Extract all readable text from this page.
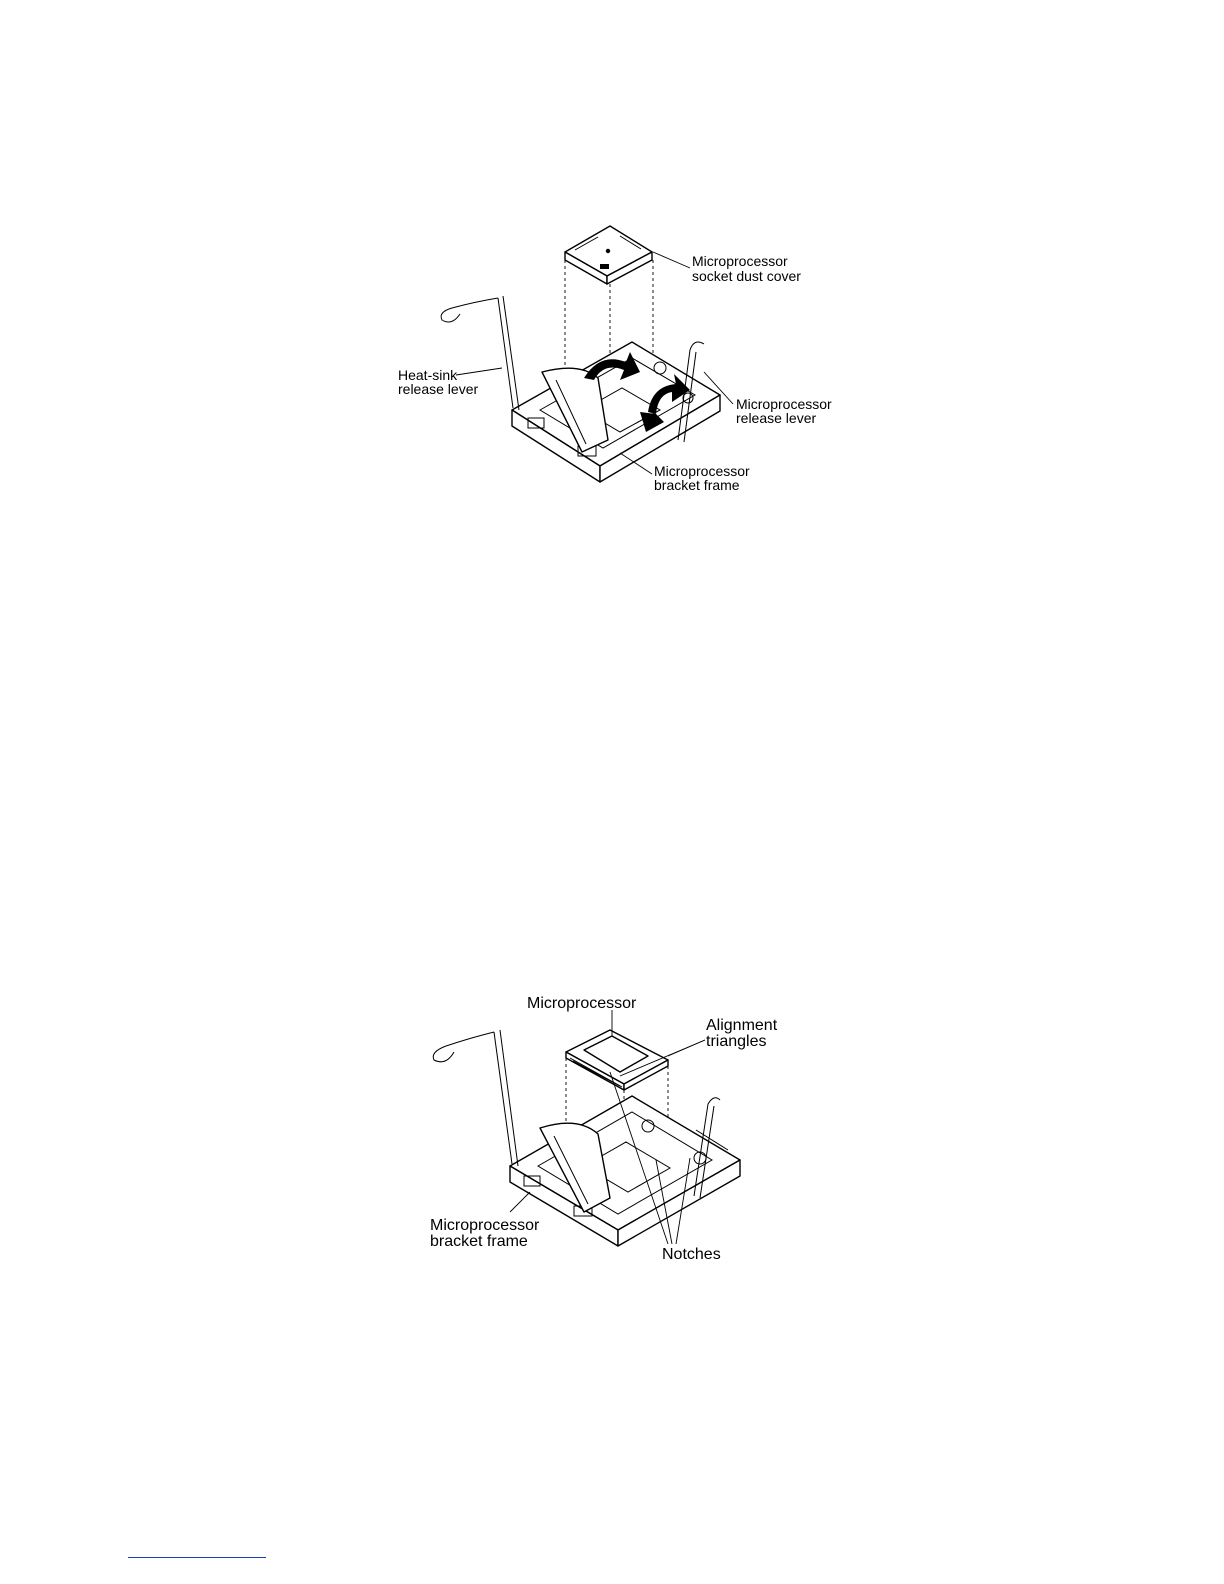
Microprocessor
socket dust cover
Heat-sink
release lever
Microprocessor
release lever
Microprocessor
bracket frame
Microprocessor
Alignment
triangles
Microprocessor
bracket frame
Notches
